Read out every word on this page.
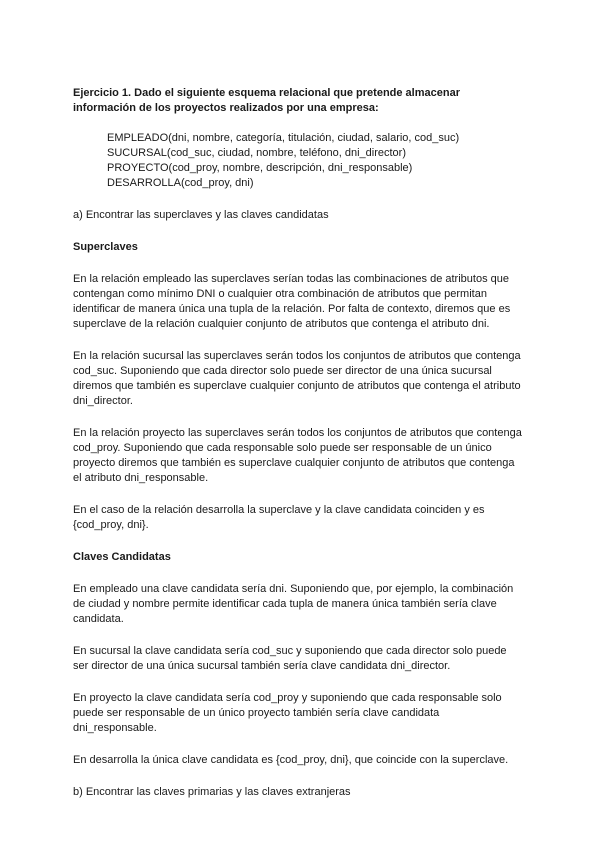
Ejercicio 1. Dado el siguiente esquema relacional que pretende almacenar
información de los proyectos realizados por una empresa:
EMPLEADO(dni, nombre, categoría, titulación, ciudad, salario, cod_suc)
SUCURSAL(cod_suc, ciudad, nombre, teléfono, dni_director)
PROYECTO(cod_proy, nombre, descripción, dni_responsable)
DESARROLLA(cod_proy, dni)
a) Encontrar las superclaves y las claves candidatas
Superclaves
En la relación empleado las superclaves serían todas las combinaciones de atributos que
contengan como mínimo DNI o cualquier otra combinación de atributos que permitan
identificar de manera única una tupla de la relación. Por falta de contexto, diremos que es
superclave de la relación cualquier conjunto de atributos que contenga el atributo dni.
En la relación sucursal las superclaves serán todos los conjuntos de atributos que contenga
cod_suc. Suponiendo que cada director solo puede ser director de una única sucursal
diremos que también es superclave cualquier conjunto de atributos que contenga el atributo
dni_director.
En la relación proyecto las superclaves serán todos los conjuntos de atributos que contenga
cod_proy. Suponiendo que cada responsable solo puede ser responsable de un único
proyecto diremos que también es superclave cualquier conjunto de atributos que contenga
el atributo dni_responsable.
En el caso de la relación desarrolla la superclave y la clave candidata coinciden y es
{cod_proy, dni}.
Claves Candidatas
En empleado una clave candidata sería dni. Suponiendo que, por ejemplo, la combinación
de ciudad y nombre permite identificar cada tupla de manera única también sería clave
candidata.
En sucursal la clave candidata sería cod_suc y suponiendo que cada director solo puede
ser director de una única sucursal también sería clave candidata dni_director.
En proyecto la clave candidata sería cod_proy y suponiendo que cada responsable solo
puede ser responsable de un único proyecto también sería clave candidata
dni_responsable.
En desarrolla la única clave candidata es {cod_proy, dni}, que coincide con la superclave.
b) Encontrar las claves primarias y las claves extranjeras
